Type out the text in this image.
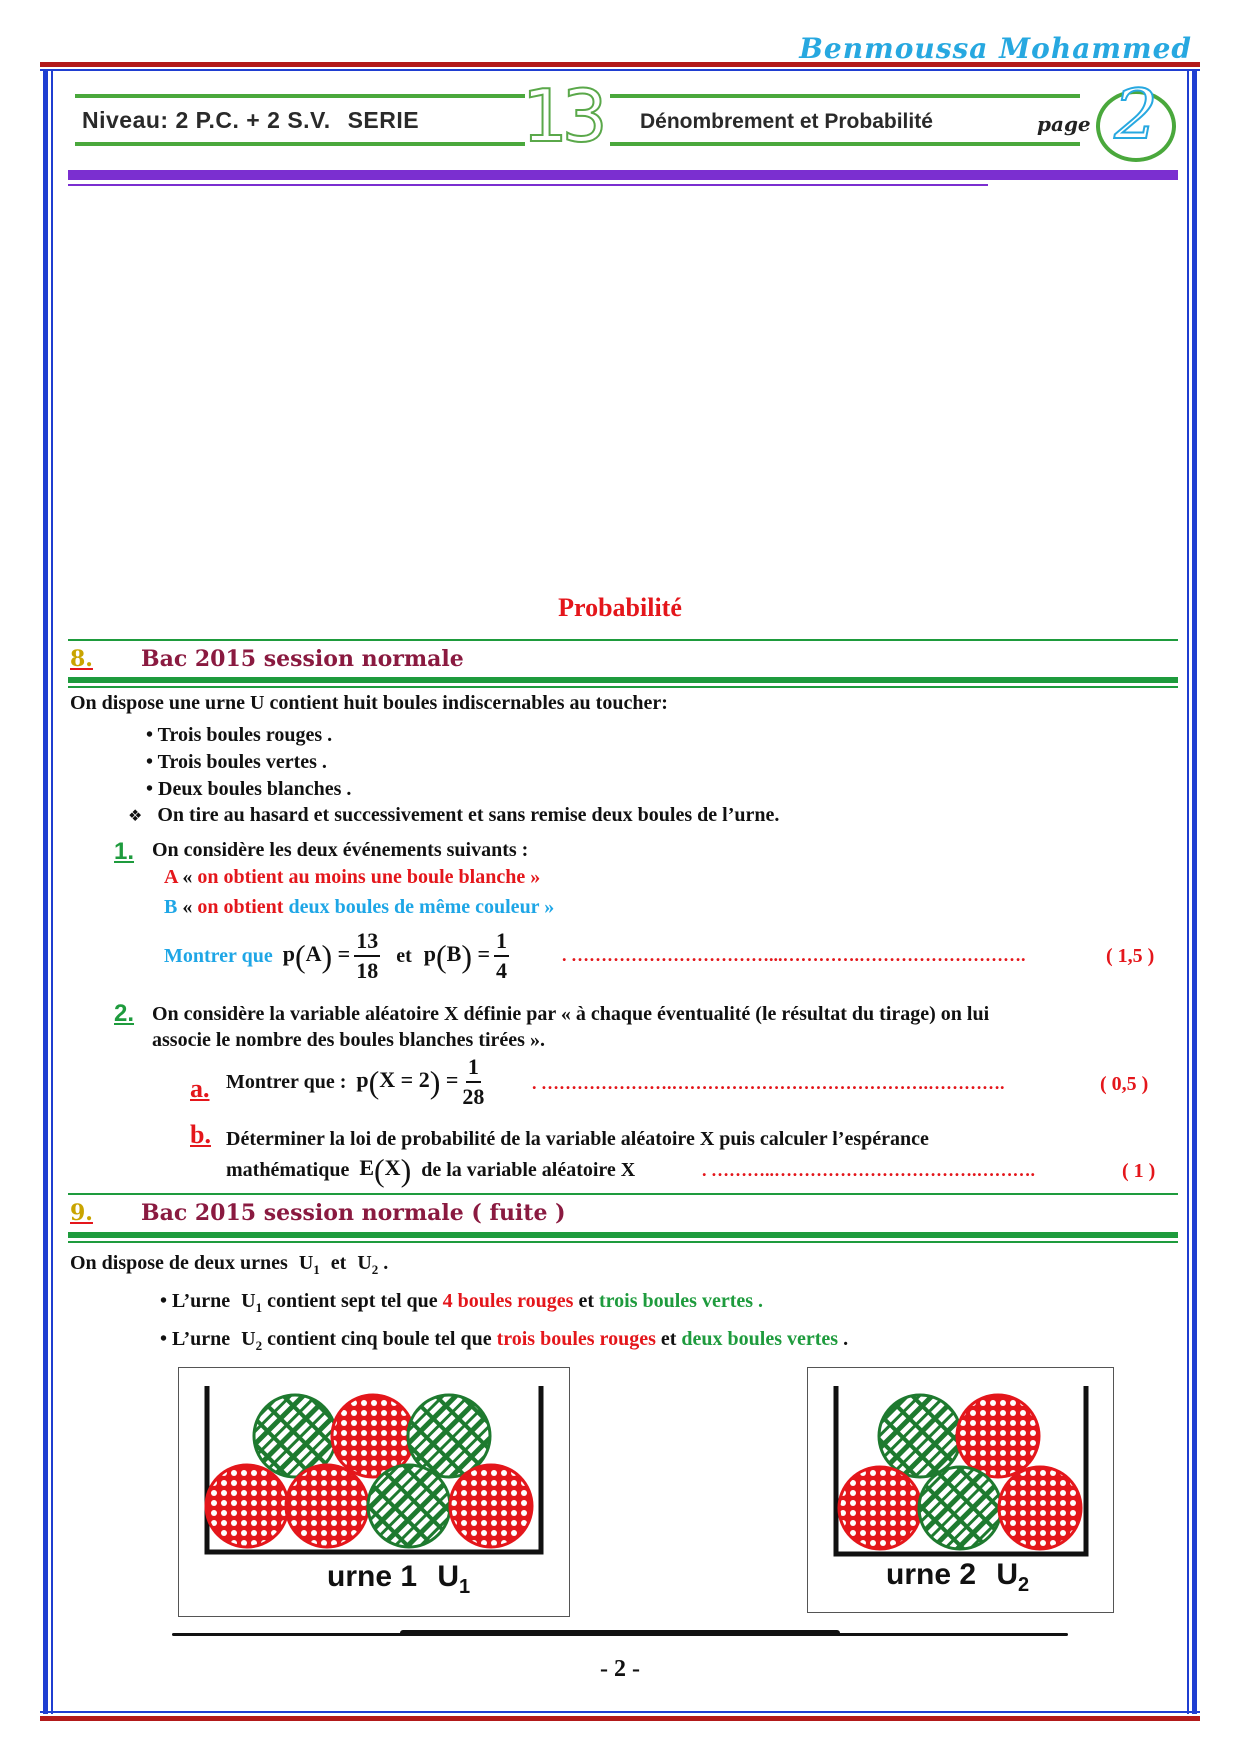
Benmoussa Mohammed
Niveau: 2 P.C. + 2 S.V. SERIE 13 Dénombrement et Probabilité	page 2
Probabilité
8. Bac 2015 session normale
On dispose une urne U contient huit boules indiscernables au toucher:
• Trois boules rouges .
• Trois boules vertes .
• Deux boules blanches .
❖ On tire au hasard et successivement et sans remise deux boules de l’urne.
1. On considère les deux événements suivants :
A « on obtient au moins une boule blanche »
B « on obtient deux boules de même couleur »
Montrer que $p(A) = \frac{13}{18}$ et $p(B) = \frac{1}{4}$	. ……………………………...………….……………………….	( 1,5 )
2. On considère la variable aléatoire X définie par « à chaque éventualité (le résultat du tirage) on lui
associe le nombre des boules blanches tirées ».
a. Montrer que : $p(X = 2) = \frac{1}{28}$	. ………………….…………………………………….………….	( 0,5 )
b. Déterminer la loi de probabilité de la variable aléatoire X puis calculer l’espérance
mathématique E(X) de la variable aléatoire X	. ………..…………………………….……….	( 1 )
9. Bac 2015 session normale ( fuite )
On dispose de deux urnes $U_1$ et $U_2$ .
• L’urne $U_1$ contient sept tel que 4 boules rouges et trois boules vertes .
• L’urne $U_2$ contient cinq boule tel que trois boules rouges et deux boules vertes .
urne 1 $U_1$	urne 2 $U_2$
- 2 -
